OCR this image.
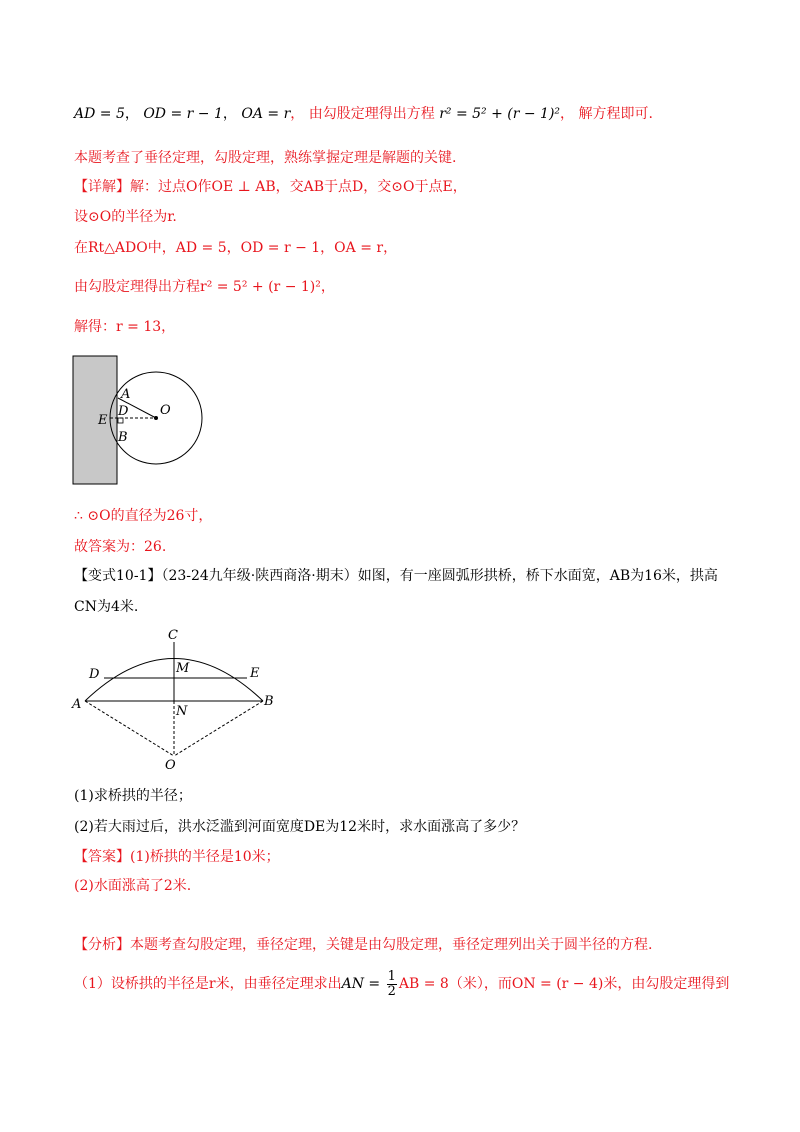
AD = 5， OD = r − 1， OA = r， 由勾股定理得出方程 r² = 5² + (r − 1)²， 解方程即可.
本题考查了垂径定理，勾股定理，熟练掌握定理是解题的关键.
【详解】解：过点O作OE ⊥ AB，交AB于点D，交⊙O于点E，
设⊙O的半径为r.
在Rt△ADO中，AD = 5，OD = r − 1，OA = r，
由勾股定理得出方程r² = 5² + (r − 1)²，
解得：r = 13，
A
D
E
B
O
∴ ⊙O的直径为26寸，
故答案为：26.
【变式10-1】（23-24九年级·陕西商洛·期末）如图，有一座圆弧形拱桥，桥下水面宽，AB为16米，拱高
CN为4米.
C
M
D	E
A	N
B
O
(1)求桥拱的半径；
(2)若大雨过后，洪水泛滥到河面宽度DE为12米时，求水面涨高了多少？
【答案】(1)桥拱的半径是10米；
(2)水面涨高了2米.
【分析】本题考查勾股定理，垂径定理，关键是由勾股定理，垂径定理列出关于圆半径的方程.
（1）设桥拱的半径是r米，由垂径定理求出AN = $\frac{1}{2}$ AB = 8（米），而ON = (r − 4)米，由勾股定理得到
